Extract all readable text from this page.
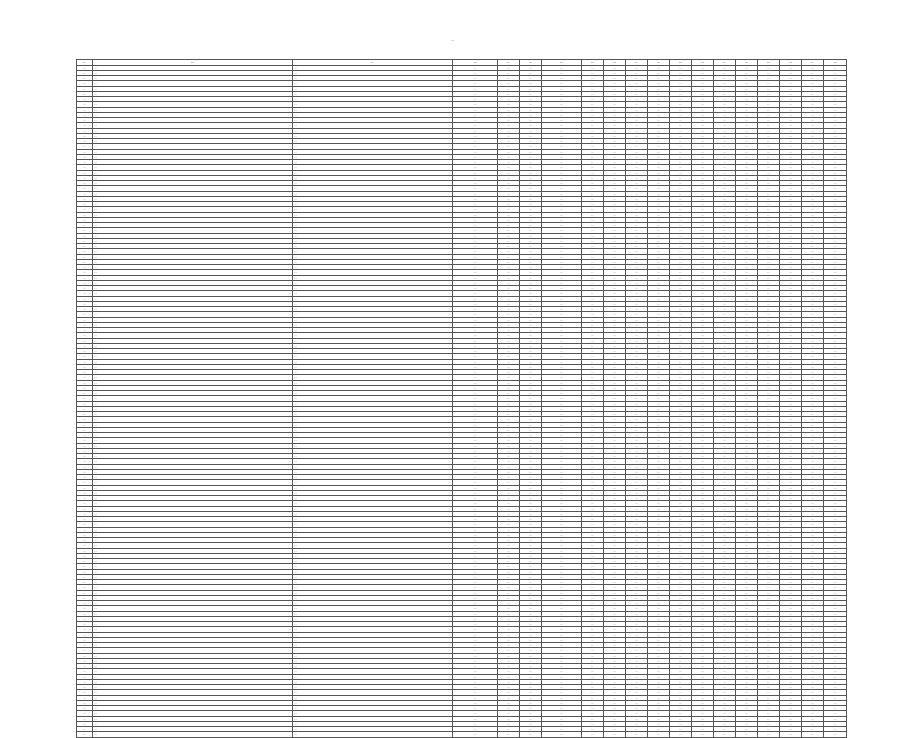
…
…	…	…	…	…	…	…	…	…	…	…	…	…	…	…	…	…	…	…
…	…	…	…	…	…	…	…	…	…	…	…	…	…	…	…	…	…	…
…	…	…	…	…	…	…	…	…	…	…	…	…	…	…	…	…	…	…
…	…	…	…	…	…	…	…	…	…	…	…	…	…	…	…	…	…	…
…	…	…	…	…	…	…	…	…	…	…	…	…	…	…	…	…	…	…
…	…	…	…	…	…	…	…	…	…	…	…	…	…	…	…	…	…	…
…	…	…	…	…	…	…	…	…	…	…	…	…	…	…	…	…	…	…
…	…	…	…	…	…	…	…	…	…	…	…	…	…	…	…	…	…	…
…	…	…	…	…	…	…	…	…	…	…	…	…	…	…	…	…	…	…
…	…	…	…	…	…	…	…	…	…	…	…	…	…	…	…	…	…	…
…	…	…	…	…	…	…	…	…	…	…	…	…	…	…	…	…	…	…
…	…	…	…	…	…	…	…	…	…	…	…	…	…	…	…	…	…	…
…	…	…	…	…	…	…	…	…	…	…	…	…	…	…	…	…	…	…
…	…	…	…	…	…	…	…	…	…	…	…	…	…	…	…	…	…	…
…	…	…	…	…	…	…	…	…	…	…	…	…	…	…	…	…	…	…
…	…	…	…	…	…	…	…	…	…	…	…	…	…	…	…	…	…	…
…	…	…	…	…	…	…	…	…	…	…	…	…	…	…	…	…	…	…
…	…	…	…	…	…	…	…	…	…	…	…	…	…	…	…	…	…	…
…	…	…	…	…	…	…	…	…	…	…	…	…	…	…	…	…	…	…
…	…	…	…	…	…	…	…	…	…	…	…	…	…	…	…	…	…	…
…	…	…	…	…	…	…	…	…	…	…	…	…	…	…	…	…	…	…
…	…	…	…	…	…	…	…	…	…	…	…	…	…	…	…	…	…	…
…	…	…	…	…	…	…	…	…	…	…	…	…	…	…	…	…	…	…
…	…	…	…	…	…	…	…	…	…	…	…	…	…	…	…	…	…	…
…	…	…	…	…	…	…	…	…	…	…	…	…	…	…	…	…	…	…
…	…	…	…	…	…	…	…	…	…	…	…	…	…	…	…	…	…	…
…	…	…	…	…	…	…	…	…	…	…	…	…	…	…	…	…	…	…
…	…	…	…	…	…	…	…	…	…	…	…	…	…	…	…	…	…	…
…	…	…	…	…	…	…	…	…	…	…	…	…	…	…	…	…	…	…
…	…	…	…	…	…	…	…	…	…	…	…	…	…	…	…	…	…	…
…	…	…	…	…	…	…	…	…	…	…	…	…	…	…	…	…	…	…
…	…	…	…	…	…	…	…	…	…	…	…	…	…	…	…	…	…	…
…	…	…	…	…	…	…	…	…	…	…	…	…	…	…	…	…	…	…
…	…	…	…	…	…	…	…	…	…	…	…	…	…	…	…	…	…	…
…	…	…	…	…	…	…	…	…	…	…	…	…	…	…	…	…	…	…
…	…	…	…	…	…	…	…	…	…	…	…	…	…	…	…	…	…	…
…	…	…	…	…	…	…	…	…	…	…	…	…	…	…	…	…	…	…
…	…	…	…	…	…	…	…	…	…	…	…	…	…	…	…	…	…	…
…	…	…	…	…	…	…	…	…	…	…	…	…	…	…	…	…	…	…
…	…	…	…	…	…	…	…	…	…	…	…	…	…	…	…	…	…	…
…	…	…	…	…	…	…	…	…	…	…	…	…	…	…	…	…	…	…
…	…	…	…	…	…	…	…	…	…	…	…	…	…	…	…	…	…	…
…	…	…	…	…	…	…	…	…	…	…	…	…	…	…	…	…	…	…
…	…	…	…	…	…	…	…	…	…	…	…	…	…	…	…	…	…	…
…	…	…	…	…	…	…	…	…	…	…	…	…	…	…	…	…	…	…
…	…	…	…	…	…	…	…	…	…	…	…	…	…	…	…	…	…	…
…	…	…	…	…	…	…	…	…	…	…	…	…	…	…	…	…	…	…
…	…	…	…	…	…	…	…	…	…	…	…	…	…	…	…	…	…	…
…	…	…	…	…	…	…	…	…	…	…	…	…	…	…	…	…	…	…
…	…	…	…	…	…	…	…	…	…	…	…	…	…	…	…	…	…	…
…	…	…	…	…	…	…	…	…	…	…	…	…	…	…	…	…	…	…
…	…	…	…	…	…	…	…	…	…	…	…	…	…	…	…	…	…	…
…	…	…	…	…	…	…	…	…	…	…	…	…	…	…	…	…	…	…
…	…	…	…	…	…	…	…	…	…	…	…	…	…	…	…	…	…	…
…	…	…	…	…	…	…	…	…	…	…	…	…	…	…	…	…	…	…
…	…	…	…	…	…	…	…	…	…	…	…	…	…	…	…	…	…	…
…	…	…	…	…	…	…	…	…	…	…	…	…	…	…	…	…	…	…
…	…	…	…	…	…	…	…	…	…	…	…	…	…	…	…	…	…	…
…	…	…	…	…	…	…	…	…	…	…	…	…	…	…	…	…	…	…
…	…	…	…	…	…	…	…	…	…	…	…	…	…	…	…	…	…	…
…	…	…	…	…	…	…	…	…	…	…	…	…	…	…	…	…	…	…
…	…	…	…	…	…	…	…	…	…	…	…	…	…	…	…	…	…	…
…	…	…	…	…	…	…	…	…	…	…	…	…	…	…	…	…	…	…
…	…	…	…	…	…	…	…	…	…	…	…	…	…	…	…	…	…	…
…	…	…	…	…	…	…	…	…	…	…	…	…	…	…	…	…	…	…
…	…	…	…	…	…	…	…	…	…	…	…	…	…	…	…	…	…	…
…	…	…	…	…	…	…	…	…	…	…	…	…	…	…	…	…	…	…
…	…	…	…	…	…	…	…	…	…	…	…	…	…	…	…	…	…	…
…	…	…	…	…	…	…	…	…	…	…	…	…	…	…	…	…	…	…
…	…	…	…	…	…	…	…	…	…	…	…	…	…	…	…	…	…	…
…	…	…	…	…	…	…	…	…	…	…	…	…	…	…	…	…	…	…
…	…	…	…	…	…	…	…	…	…	…	…	…	…	…	…	…	…	…
…	…	…	…	…	…	…	…	…	…	…	…	…	…	…	…	…	…	…
…	…	…	…	…	…	…	…	…	…	…	…	…	…	…	…	…	…	…
…	…	…	…	…	…	…	…	…	…	…	…	…	…	…	…	…	…	…
…	…	…	…	…	…	…	…	…	…	…	…	…	…	…	…	…	…	…
…	…	…	…	…	…	…	…	…	…	…	…	…	…	…	…	…	…	…
…	…	…	…	…	…	…	…	…	…	…	…	…	…	…	…	…	…	…
…	…	…	…	…	…	…	…	…	…	…	…	…	…	…	…	…	…	…
…	…	…	…	…	…	…	…	…	…	…	…	…	…	…	…	…	…	…
…	…	…	…	…	…	…	…	…	…	…	…	…	…	…	…	…	…	…
…	…	…	…	…	…	…	…	…	…	…	…	…	…	…	…	…	…	…
…	…	…	…	…	…	…	…	…	…	…	…	…	…	…	…	…	…	…
…	…	…	…	…	…	…	…	…	…	…	…	…	…	…	…	…	…	…
…	…	…	…	…	…	…	…	…	…	…	…	…	…	…	…	…	…	…
…	…	…	…	…	…	…	…	…	…	…	…	…	…	…	…	…	…	…
…	…	…	…	…	…	…	…	…	…	…	…	…	…	…	…	…	…	…
…	…	…	…	…	…	…	…	…	…	…	…	…	…	…	…	…	…	…
…	…	…	…	…	…	…	…	…	…	…	…	…	…	…	…	…	…	…
…	…	…	…	…	…	…	…	…	…	…	…	…	…	…	…	…	…	…
…	…	…	…	…	…	…	…	…	…	…	…	…	…	…	…	…	…	…
…	…	…	…	…	…	…	…	…	…	…	…	…	…	…	…	…	…	…
…	…	…	…	…	…	…	…	…	…	…	…	…	…	…	…	…	…	…
…	…	…	…	…	…	…	…	…	…	…	…	…	…	…	…	…	…	…
…	…	…	…	…	…	…	…	…	…	…	…	…	…	…	…	…	…	…
…	…	…	…	…	…	…	…	…	…	…	…	…	…	…	…	…	…	…
…	…	…	…	…	…	…	…	…	…	…	…	…	…	…	…	…	…	…
…	…	…	…	…	…	…	…	…	…	…	…	…	…	…	…	…	…	…
…	…	…	…	…	…	…	…	…	…	…	…	…	…	…	…	…	…	…
…	…	…	…	…	…	…	…	…	…	…	…	…	…	…	…	…	…	…
…	…	…	…	…	…	…	…	…	…	…	…	…	…	…	…	…	…	…
…	…	…	…	…	…	…	…	…	…	…	…	…	…	…	…	…	…	…
…	…	…	…	…	…	…	…	…	…	…	…	…	…	…	…	…	…	…
…	…	…	…	…	…	…	…	…	…	…	…	…	…	…	…	…	…	…
…	…	…	…	…	…	…	…	…	…	…	…	…	…	…	…	…	…	…
…	…	…	…	…	…	…	…	…	…	…	…	…	…	…	…	…	…	…
…	…	…	…	…	…	…	…	…	…	…	…	…	…	…	…	…	…	…
…	…	…	…	…	…	…	…	…	…	…	…	…	…	…	…	…	…	…
…	…	…	…	…	…	…	…	…	…	…	…	…	…	…	…	…	…	…
…	…	…	…	…	…	…	…	…	…	…	…	…	…	…	…	…	…	…
…	…	…	…	…	…	…	…	…	…	…	…	…	…	…	…	…	…	…
…	…	…	…	…	…	…	…	…	…	…	…	…	…	…	…	…	…	…
…	…	…	…	…	…	…	…	…	…	…	…	…	…	…	…	…	…	…
…	…	…	…	…	…	…	…	…	…	…	…	…	…	…	…	…	…	…
…	…	…	…	…	…	…	…	…	…	…	…	…	…	…	…	…	…	…
…	…	…	…	…	…	…	…	…	…	…	…	…	…	…	…	…	…	…
…	…	…	…	…	…	…	…	…	…	…	…	…	…	…	…	…	…	…
…	…	…	…	…	…	…	…	…	…	…	…	…	…	…	…	…	…	…
…	…	…	…	…	…	…	…	…	…	…	…	…	…	…	…	…	…	…
…	…	…	…	…	…	…	…	…	…	…	…	…	…	…	…	…	…	…
…	…	…	…	…	…	…	…	…	…	…	…	…	…	…	…	…	…	…
…	…	…	…	…	…	…	…	…	…	…	…	…	…	…	…	…	…	…
…	…	…	…	…	…	…	…	…	…	…	…	…	…	…	…	…	…	…
…	…	…	…	…	…	…	…	…	…	…	…	…	…	…	…	…	…	…
…	…	…	…	…	…	…	…	…	…	…	…	…	…	…	…	…	…	…
…	…	…	…	…	…	…	…	…	…	…	…	…	…	…	…	…	…	…
…	…	…	…	…	…	…	…	…	…	…	…	…	…	…	…	…	…	…
…	…	…	…	…	…	…	…	…	…	…	…	…	…	…	…	…	…	…
…	…	…	…	…	…	…	…	…	…	…	…	…	…	…	…	…	…	…
